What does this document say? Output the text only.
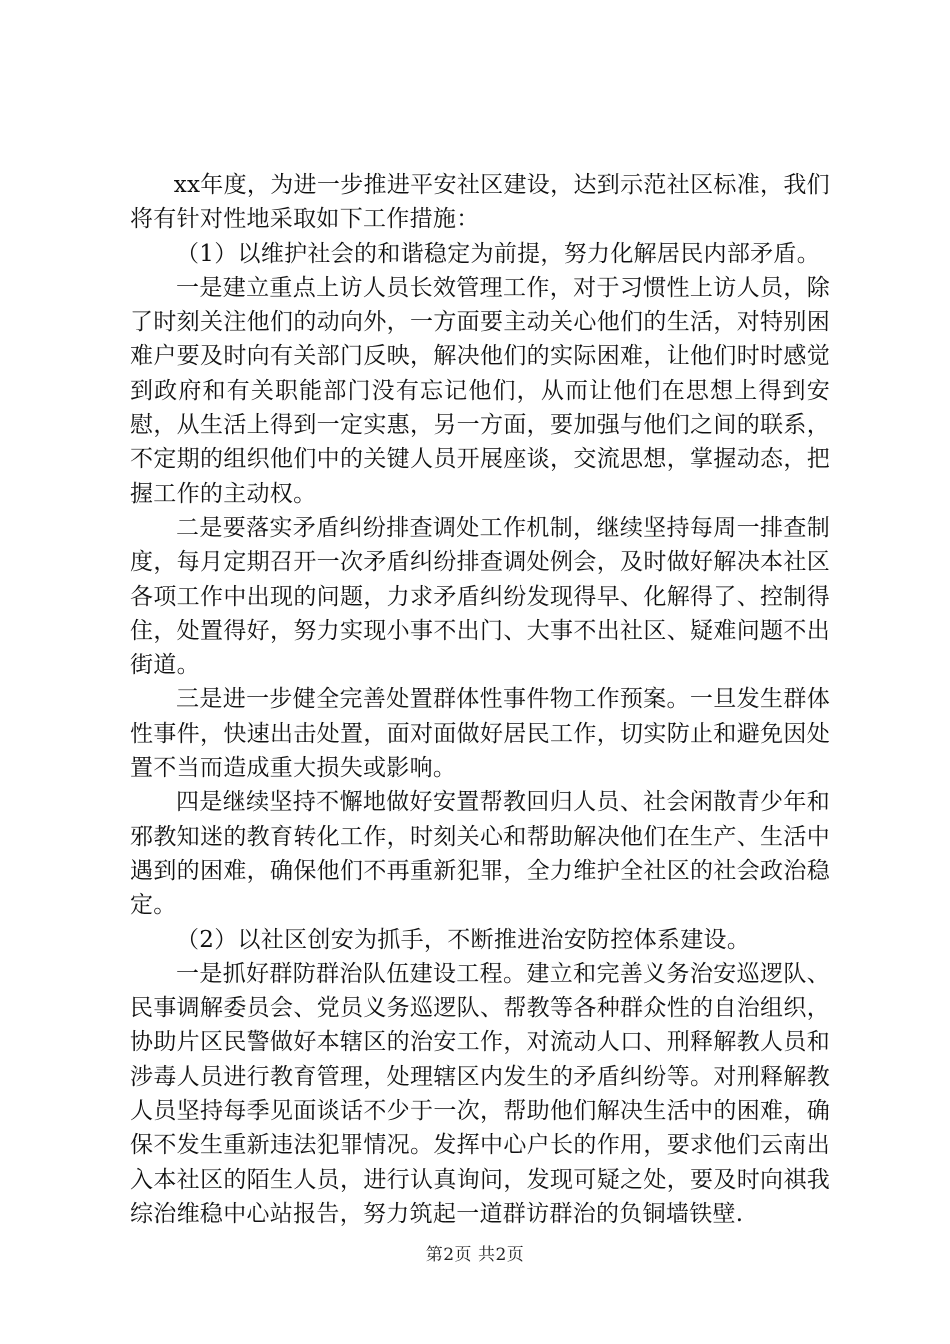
xx年度，为进一步推进平安社区建设，达到示范社区标准，我们将有针对性地采取如下工作措施：

（1）以维护社会的和谐稳定为前提，努力化解居民内部矛盾。

一是建立重点上访人员长效管理工作，对于习惯性上访人员，除了时刻关注他们的动向外，一方面要主动关心他们的生活，对特别困难户要及时向有关部门反映，解决他们的实际困难，让他们时时感觉到政府和有关职能部门没有忘记他们，从而让他们在思想上得到安慰，从生活上得到一定实惠，另一方面，要加强与他们之间的联系，不定期的组织他们中的关键人员开展座谈，交流思想，掌握动态，把握工作的主动权。

二是要落实矛盾纠纷排查调处工作机制，继续坚持每周一排查制度，每月定期召开一次矛盾纠纷排查调处例会，及时做好解决本社区各项工作中出现的问题，力求矛盾纠纷发现得早、化解得了、控制得住，处置得好，努力实现小事不出门、大事不出社区、疑难问题不出街道。

三是进一步健全完善处置群体性事件物工作预案。一旦发生群体性事件，快速出击处置，面对面做好居民工作，切实防止和避免因处置不当而造成重大损失或影响。

四是继续坚持不懈地做好安置帮教回归人员、社会闲散青少年和邪教知迷的教育转化工作，时刻关心和帮助解决他们在生产、生活中遇到的困难，确保他们不再重新犯罪，全力维护全社区的社会政治稳定。

（2）以社区创安为抓手，不断推进治安防控体系建设。

一是抓好群防群治队伍建设工程。建立和完善义务治安巡逻队、民事调解委员会、党员义务巡逻队、帮教等各种群众性的自治组织，协助片区民警做好本辖区的治安工作，对流动人口、刑释解教人员和涉毒人员进行教育管理，处理辖区内发生的矛盾纠纷等。对刑释解教人员坚持每季见面谈话不少于一次，帮助他们解决生活中的困难，确保不发生重新违法犯罪情况。发挥中心户长的作用，要求他们云南出入本社区的陌生人员，进行认真询问，发现可疑之处，要及时向祺我综治维稳中心站报告，努力筑起一道群访群治的负铜墙铁壁.

第2页 共2页
